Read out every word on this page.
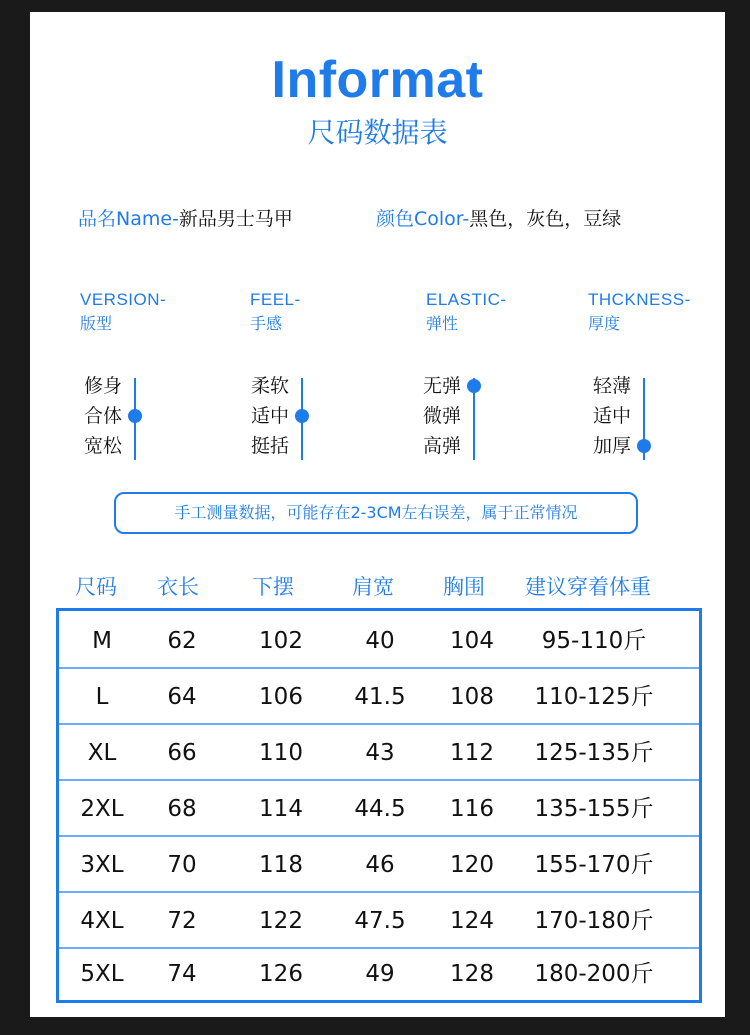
Informat
尺码数据表
品名Name-新品男士马甲	颜色Color-黑色，灰色，豆绿
VERSION-
版型
FEEL-
手感
ELASTIC-
弹性
THCKNESS-
厚度
修身
合体
宽松
柔软
适中
挺括
无弹
微弹
高弹
轻薄
适中
加厚
手工测量数据，可能存在2-3CM左右误差，属于正常情况
尺码 衣长	下摆	肩宽 胸围 建议穿着体重
M 62	102	40 104 95-110斤
L	64	106 41.5 108 110-125斤
XL 66	110	43 112 125-135斤
2XL 68	114 44.5 116 135-155斤
3XL 70	118	46 120 155-170斤
4XL 72	122 47.5 124 170-180斤
5XL 74	126	49 128 180-200斤
